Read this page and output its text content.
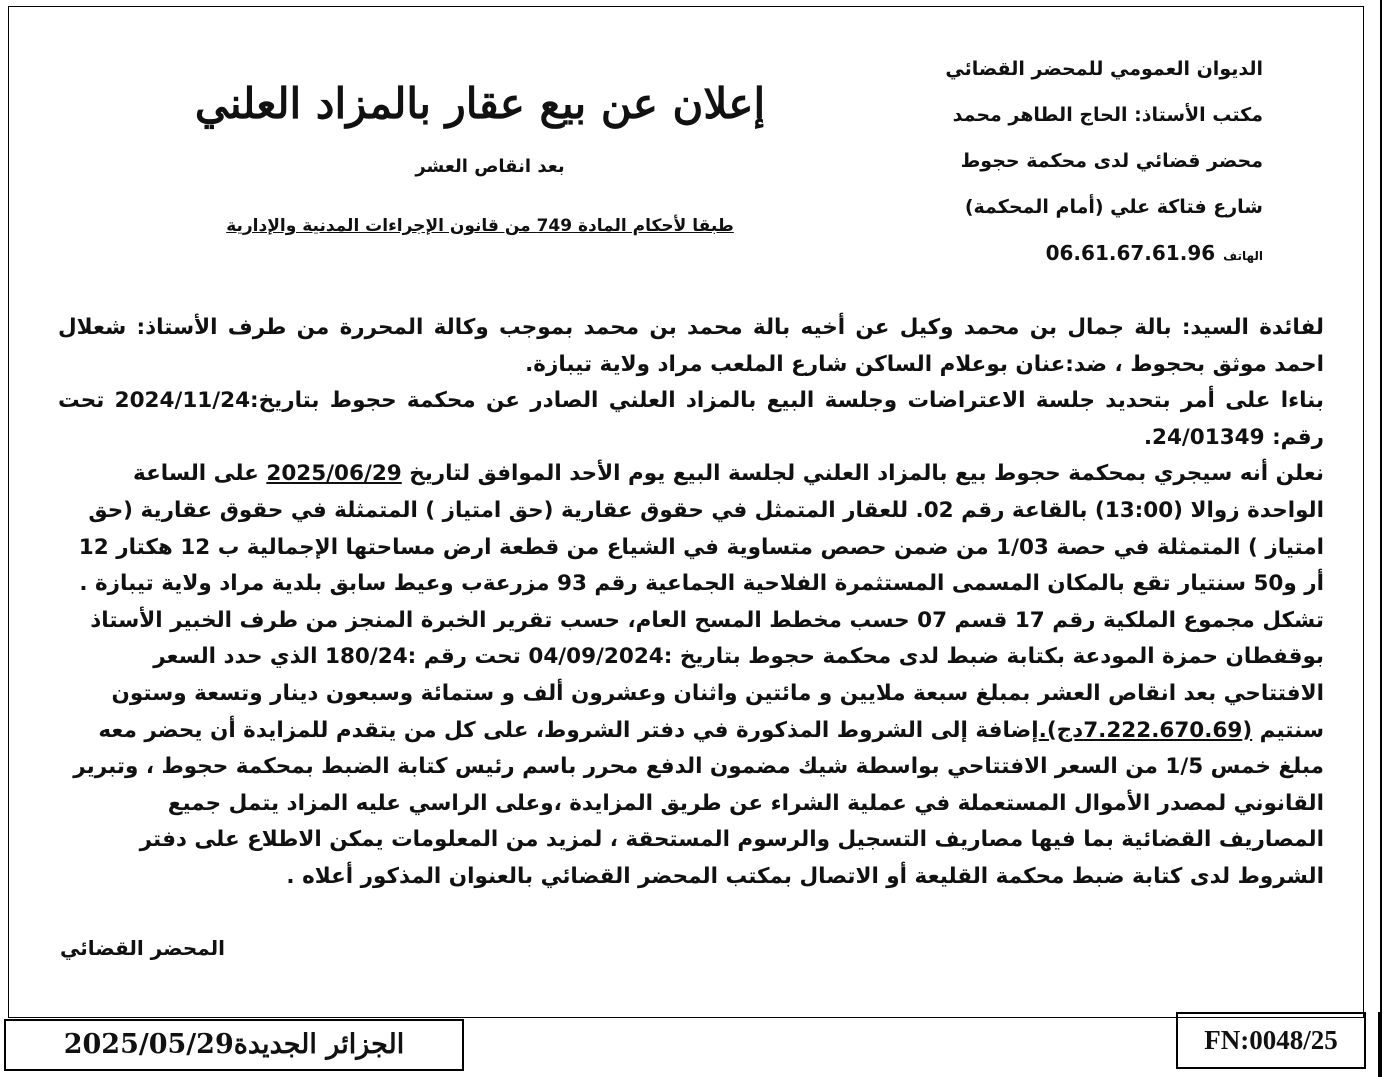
الديوان العمومي للمحضر القضائي
مكتب الأستاذ: الحاج الطاهر محمد
محضر قضائي لدى محكمة حجوط
شارع فتاكة علي (أمام المحكمة)
الهاتف06.61.67.61.96
إعلان عن بيع عقار بالمزاد العلني
بعد انقاص العشر
طبقا لأحكام المادة 749 من قانون الإجراءات المدنية والإدارية

لفائدة السيد: بالة جمال بن محمد وكيل عن أخيه بالة محمد بن محمد بموجب وكالة المحررة من طرف الأستاذ: شعلال احمد موثق بحجوط ، ضد:عنان بوعلام الساكن شارع الملعب مراد ولاية تيبازة.

بناءا على أمر بتحديد جلسة الاعتراضات وجلسة البيع بالمزاد العلني الصادر عن محكمة حجوط بتاريخ:2024/11/24 تحت رقم: 24/01349.

نعلن أنه سيجري بمحكمة حجوط بيع بالمزاد العلني لجلسة البيع يوم الأحد الموافق لتاريخ 2025/06/29 على الساعة الواحدة زوالا (13:00) بالقاعة رقم 02. للعقار المتمثل في حقوق عقارية (حق امتياز ) المتمثلة في حقوق عقارية (حق امتياز ) المتمثلة في حصة 1/03 من ضمن حصص متساوية في الشياع من قطعة ارض مساحتها الإجمالية ب 12 هكتار 12 أر و50 سنتيار تقع بالمكان المسمى المستثمرة الفلاحية الجماعية رقم 93 مزرعةب وعيط سابق بلدية مراد ولاية تيبازة . تشكل مجموع الملكية رقم 17 قسم 07 حسب مخطط المسح العام، حسب تقرير الخبرة المنجز من طرف الخبير الأستاذ بوقفطان حمزة المودعة بكتابة ضبط لدى محكمة حجوط بتاريخ :04/09/2024 تحت رقم :180/24 الذي حدد السعر الافتتاحي بعد انقاص العشر بمبلغ سبعة ملايين و مائتين واثنان وعشرون ألف و ستمائة وسبعون دينار وتسعة وستون سنتيم (7.222.670.69دج).إضافة إلى الشروط المذكورة في دفتر الشروط، على كل من يتقدم للمزايدة أن يحضر معه مبلغ خمس 1/5 من السعر الافتتاحي بواسطة شيك مضمون الدفع محرر باسم رئيس كتابة الضبط بمحكمة حجوط ، وتبرير القانوني لمصدر الأموال المستعملة في عملية الشراء عن طريق المزايدة ،وعلى الراسي عليه المزاد يتمل جميع المصاريف القضائية بما فيها مصاريف التسجيل والرسوم المستحقة ، لمزيد من المعلومات يمكن الاطلاع على دفتر الشروط لدى كتابة ضبط محكمة القليعة أو الاتصال بمكتب المحضر القضائي بالعنوان المذكور أعلاه .

المحضر القضائي
الجزائر الجديدة2025/05/29	FN:0048/25
